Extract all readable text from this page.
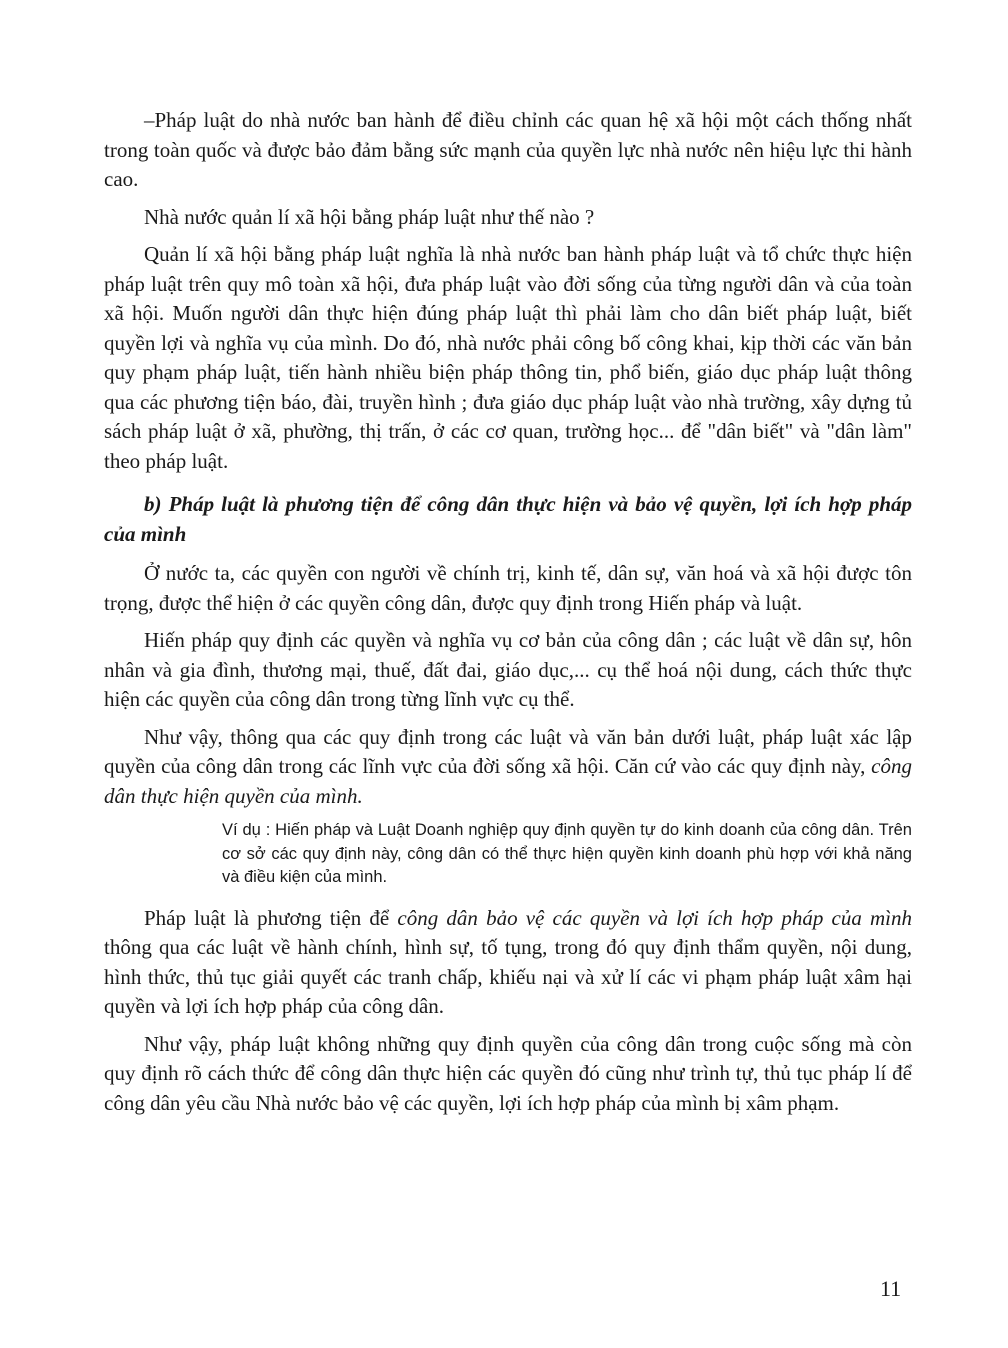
–Pháp luật do nhà nước ban hành để điều chỉnh các quan hệ xã hội một cách thống nhất trong toàn quốc và được bảo đảm bằng sức mạnh của quyền lực nhà nước nên hiệu lực thi hành cao.

Nhà nước quản lí xã hội bằng pháp luật như thế nào ?

Quản lí xã hội bằng pháp luật nghĩa là nhà nước ban hành pháp luật và tổ chức thực hiện pháp luật trên quy mô toàn xã hội, đưa pháp luật vào đời sống của từng người dân và của toàn xã hội. Muốn người dân thực hiện đúng pháp luật thì phải làm cho dân biết pháp luật, biết quyền lợi và nghĩa vụ của mình. Do đó, nhà nước phải công bố công khai, kịp thời các văn bản quy phạm pháp luật, tiến hành nhiều biện pháp thông tin, phổ biến, giáo dục pháp luật thông qua các phương tiện báo, đài, truyền hình ; đưa giáo dục pháp luật vào nhà trường, xây dựng tủ sách pháp luật ở xã, phường, thị trấn, ở các cơ quan, trường học... để "dân biết" và "dân làm" theo pháp luật.

b) Pháp luật là phương tiện để công dân thực hiện và bảo vệ quyền, lợi ích hợp pháp của mình

Ở nước ta, các quyền con người về chính trị, kinh tế, dân sự, văn hoá và xã hội được tôn trọng, được thể hiện ở các quyền công dân, được quy định trong Hiến pháp và luật.

Hiến pháp quy định các quyền và nghĩa vụ cơ bản của công dân ; các luật về dân sự, hôn nhân và gia đình, thương mại, thuế, đất đai, giáo dục,... cụ thể hoá nội dung, cách thức thực hiện các quyền của công dân trong từng lĩnh vực cụ thể.

Như vậy, thông qua các quy định trong các luật và văn bản dưới luật, pháp luật xác lập quyền của công dân trong các lĩnh vực của đời sống xã hội. Căn cứ vào các quy định này, công dân thực hiện quyền của mình.

Ví dụ : Hiến pháp và Luật Doanh nghiệp quy định quyền tự do kinh doanh của công dân. Trên cơ sở các quy định này, công dân có thể thực hiện quyền kinh doanh phù hợp với khả năng và điều kiện của mình.

Pháp luật là phương tiện để công dân bảo vệ các quyền và lợi ích hợp pháp của mình thông qua các luật về hành chính, hình sự, tố tụng, trong đó quy định thẩm quyền, nội dung, hình thức, thủ tục giải quyết các tranh chấp, khiếu nại và xử lí các vi phạm pháp luật xâm hại quyền và lợi ích hợp pháp của công dân.

Như vậy, pháp luật không những quy định quyền của công dân trong cuộc sống mà còn quy định rõ cách thức để công dân thực hiện các quyền đó cũng như trình tự, thủ tục pháp lí để công dân yêu cầu Nhà nước bảo vệ các quyền, lợi ích hợp pháp của mình bị xâm phạm.

11
